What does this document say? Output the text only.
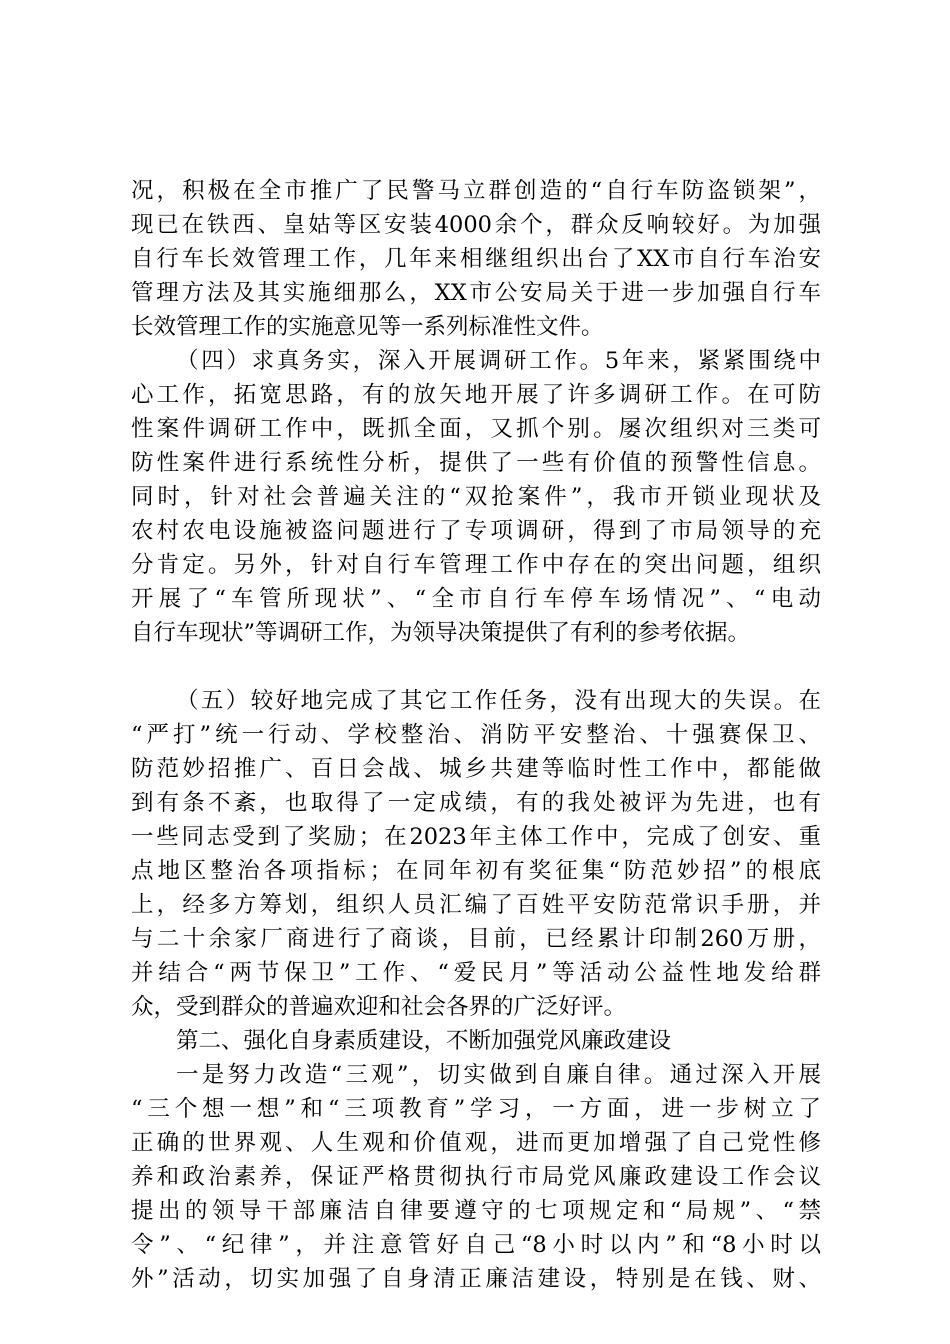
况，积极在全市推广了民警马立群创造的“自行车防盗锁架”，
现已在铁西、皇姑等区安装4000余个，群众反响较好。为加强
自行车长效管理工作，几年来相继组织出台了XX市自行车治安
管理方法及其实施细那么，XX市公安局关于进一步加强自行车
长效管理工作的实施意见等一系列标准性文件。
（四）求真务实，深入开展调研工作。5年来，紧紧围绕中
心工作，拓宽思路，有的放矢地开展了许多调研工作。在可防
性案件调研工作中，既抓全面，又抓个别。屡次组织对三类可
防性案件进行系统性分析，提供了一些有价值的预警性信息。
同时，针对社会普遍关注的“双抢案件”，我市开锁业现状及
农村农电设施被盗问题进行了专项调研，得到了市局领导的充
分肯定。另外，针对自行车管理工作中存在的突出问题，组织
开展了“车管所现状”、“全市自行车停车场情况”、“电动
自行车现状”等调研工作，为领导决策提供了有利的参考依据。
（五）较好地完成了其它工作任务，没有出现大的失误。在
“严打”统一行动、学校整治、消防平安整治、十强赛保卫、
防范妙招推广、百日会战、城乡共建等临时性工作中，都能做
到有条不紊，也取得了一定成绩，有的我处被评为先进，也有
一些同志受到了奖励；在2023年主体工作中，完成了创安、重
点地区整治各项指标；在同年初有奖征集“防范妙招”的根底
上，经多方筹划，组织人员汇编了百姓平安防范常识手册，并
与二十余家厂商进行了商谈，目前，已经累计印制260万册，
并结合“两节保卫”工作、“爱民月”等活动公益性地发给群
众，受到群众的普遍欢迎和社会各界的广泛好评。
第二、强化自身素质建设，不断加强党风廉政建设
一是努力改造“三观”，切实做到自廉自律。通过深入开展
“三个想一想”和“三项教育”学习，一方面，进一步树立了
正确的世界观、人生观和价值观，进而更加增强了自己党性修
养和政治素养，保证严格贯彻执行市局党风廉政建设工作会议
提出的领导干部廉洁自律要遵守的七项规定和“局规”、“禁
令”、“纪律”，并注意管好自己“8小时以内”和“8小时以
外”活动，切实加强了自身清正廉洁建设，特别是在钱、财、
